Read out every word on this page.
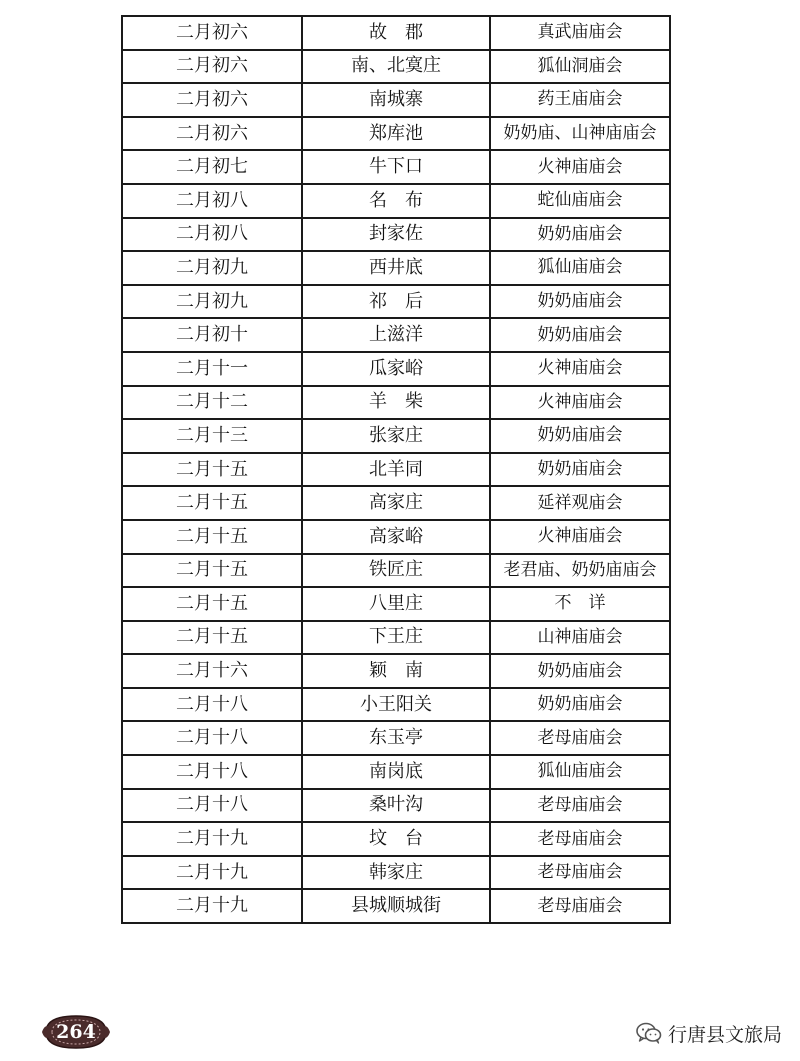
二月初六	故　郡	真武庙庙会
二月初六	南、北寞庄	狐仙洞庙会
二月初六	南城寨	药王庙庙会
二月初六	郑库池	奶奶庙、山神庙庙会
二月初七	牛下口	火神庙庙会
二月初八	名　布	蛇仙庙庙会
二月初八	封家佐	奶奶庙庙会
二月初九	西井底	狐仙庙庙会
二月初九	祁　后	奶奶庙庙会
二月初十	上滋洋	奶奶庙庙会
二月十一	瓜家峪	火神庙庙会
二月十二	羊　柴	火神庙庙会
二月十三	张家庄	奶奶庙庙会
二月十五	北羊同	奶奶庙庙会
二月十五	高家庄	延祥观庙会
二月十五	高家峪	火神庙庙会
二月十五	铁匠庄	老君庙、奶奶庙庙会
二月十五	八里庄	不　详
二月十五	下王庄	山神庙庙会
二月十六	颖　南	奶奶庙庙会
二月十八	小王阳关	奶奶庙庙会
二月十八	东玉亭	老母庙庙会
二月十八	南岗底	狐仙庙庙会
二月十八	桑叶沟	老母庙庙会
二月十九	坟　台	老母庙庙会
二月十九	韩家庄	老母庙庙会
二月十九	县城顺城街	老母庙庙会
264	行唐县文旅局
